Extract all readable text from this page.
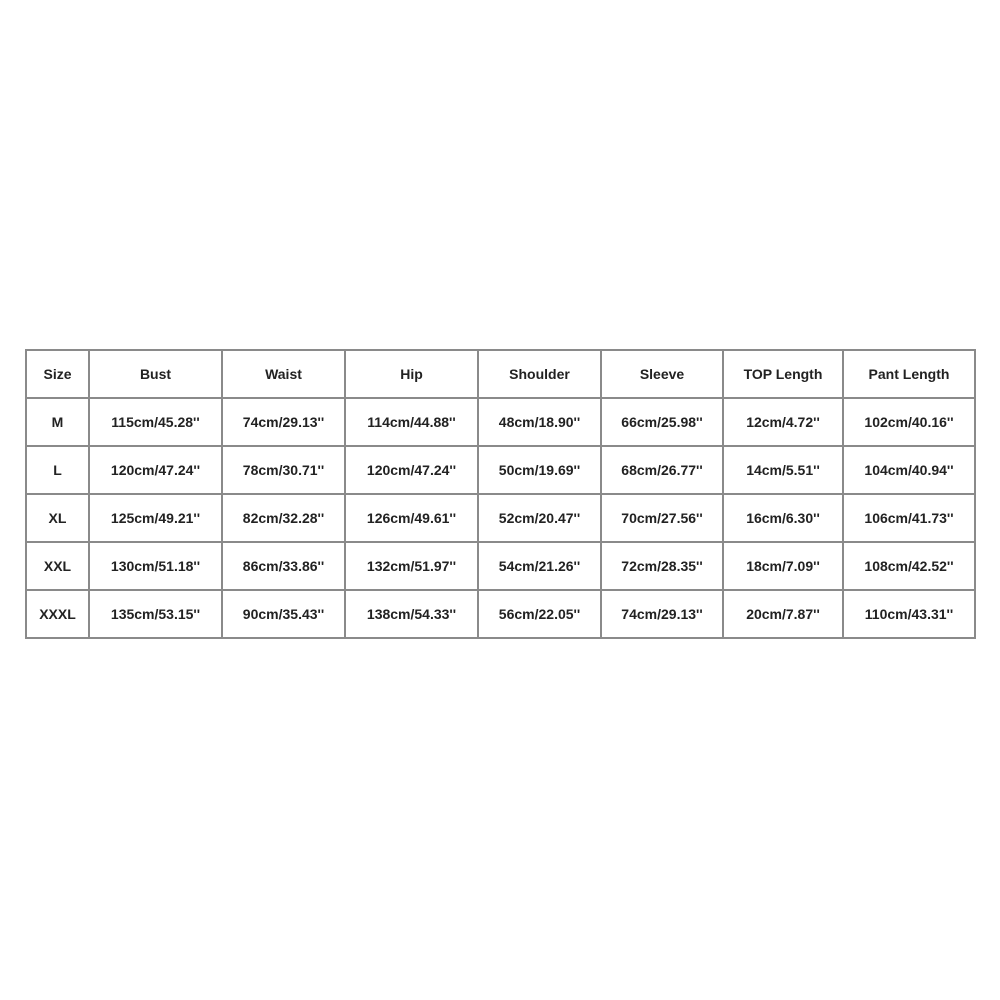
Size	Bust	Waist	Hip	Shoulder	Sleeve	TOP Length	Pant Length
M	115cm/45.28''	74cm/29.13''	114cm/44.88''	48cm/18.90''	66cm/25.98''	12cm/4.72''	102cm/40.16''
L	120cm/47.24''	78cm/30.71''	120cm/47.24''	50cm/19.69''	68cm/26.77''	14cm/5.51''	104cm/40.94''
XL	125cm/49.21''	82cm/32.28''	126cm/49.61''	52cm/20.47''	70cm/27.56''	16cm/6.30''	106cm/41.73''
XXL	130cm/51.18''	86cm/33.86''	132cm/51.97''	54cm/21.26''	72cm/28.35''	18cm/7.09''	108cm/42.52''
XXXL	135cm/53.15''	90cm/35.43''	138cm/54.33''	56cm/22.05''	74cm/29.13''	20cm/7.87''	110cm/43.31''
